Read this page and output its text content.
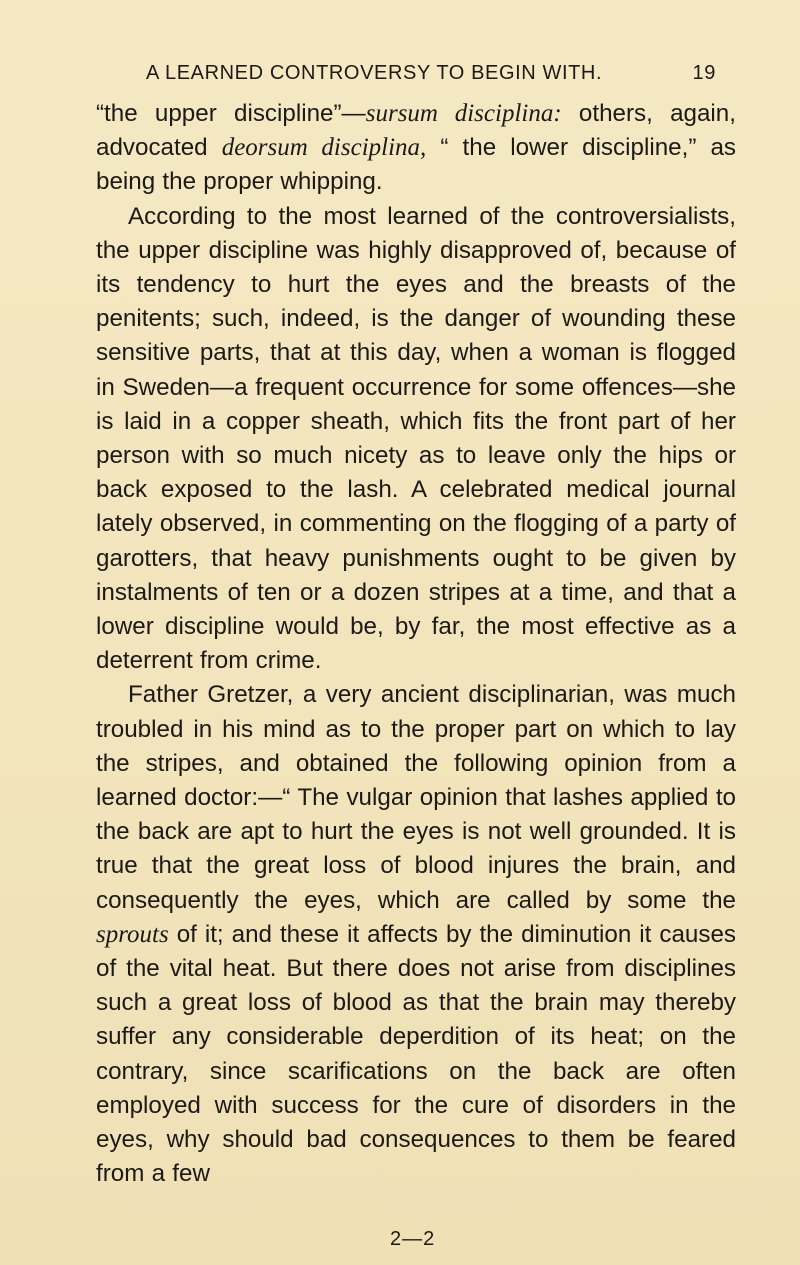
A LEARNED CONTROVERSY TO BEGIN WITH.	19

“the upper discipline”—sursum disciplina: others, again, advocated deorsum disciplina, “ the lower discipline,” as being the proper whipping.

According to the most learned of the controversialists, the upper discipline was highly disapproved of, because of its tendency to hurt the eyes and the breasts of the penitents; such, indeed, is the danger of wounding these sensitive parts, that at this day, when a woman is flogged in Sweden—a frequent occurrence for some offences—she is laid in a copper sheath, which fits the front part of her person with so much nicety as to leave only the hips or back exposed to the lash. A celebrated medical journal lately observed, in commenting on the flogging of a party of garotters, that heavy punishments ought to be given by instalments of ten or a dozen stripes at a time, and that a lower discipline would be, by far, the most effective as a deterrent from crime.

Father Gretzer, a very ancient disciplinarian, was much troubled in his mind as to the proper part on which to lay the stripes, and obtained the following opinion from a learned doctor:—“ The vulgar opinion that lashes applied to the back are apt to hurt the eyes is not well grounded. It is true that the great loss of blood injures the brain, and consequently the eyes, which are called by some the sprouts of it; and these it affects by the diminution it causes of the vital heat. But there does not arise from disciplines such a great loss of blood as that the brain may thereby suffer any considerable deperdition of its heat; on the contrary, since scarifications on the back are often employed with success for the cure of disorders in the eyes, why should bad consequences to them be feared from a few

2—2
